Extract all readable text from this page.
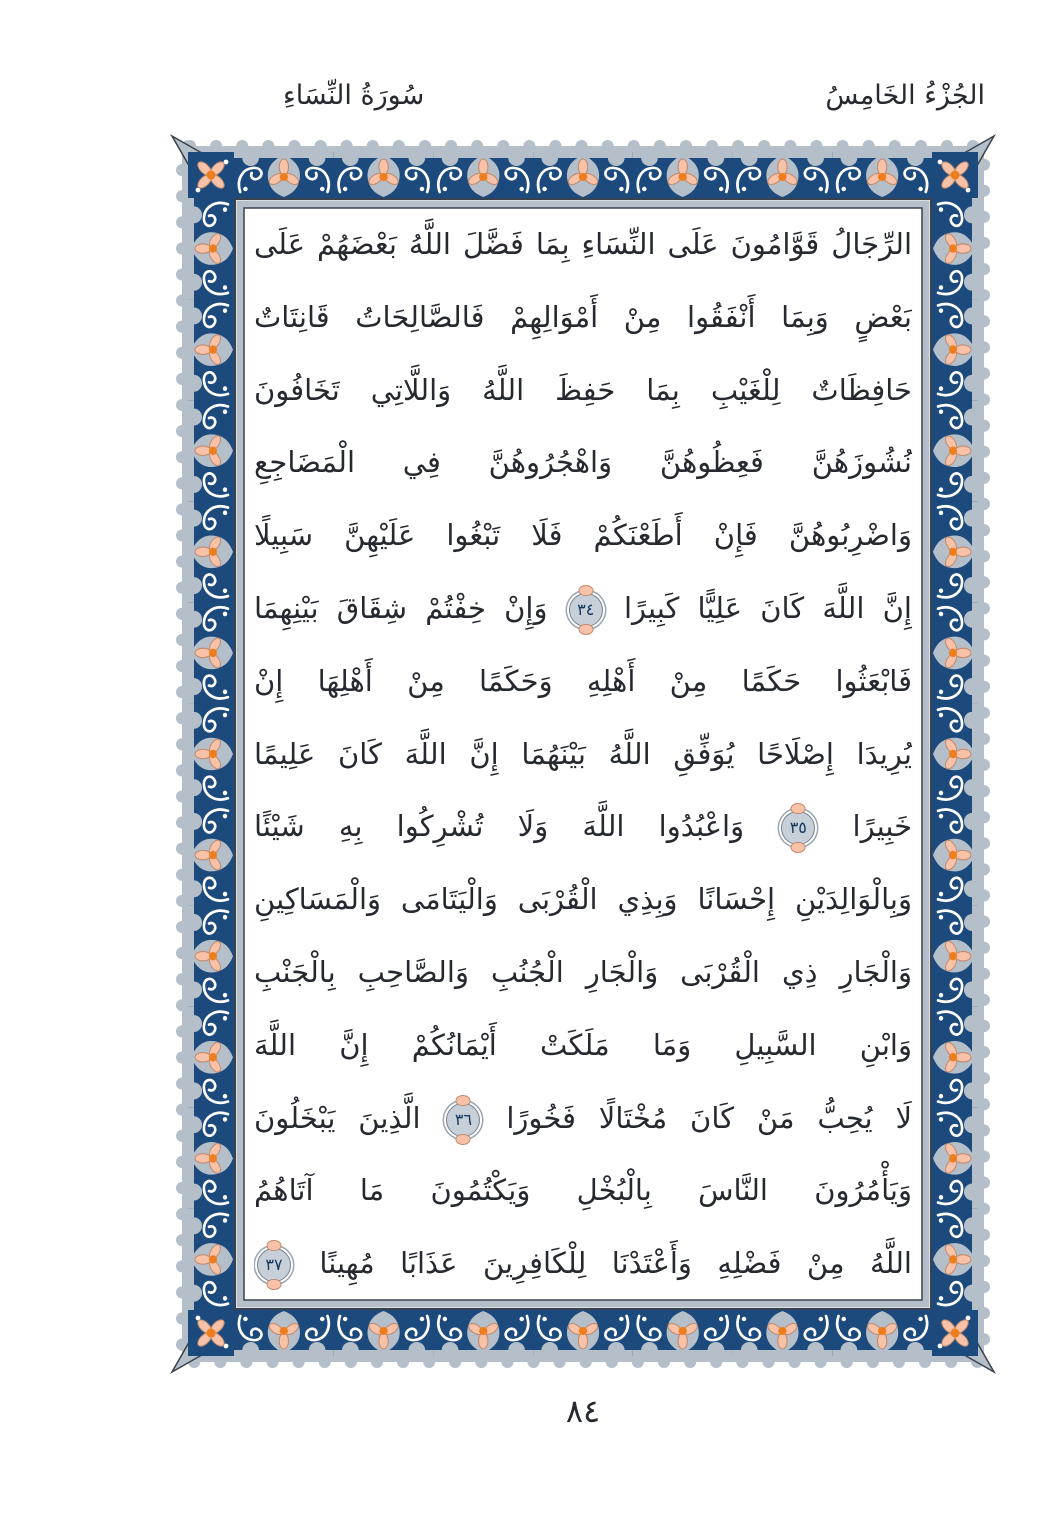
الجُزْءُ الخَامِسُ
سُورَةُ النِّسَاءِ
الرِّجَالُ قَوَّامُونَ عَلَى النِّسَاءِ بِمَا فَضَّلَ اللَّهُ بَعْضَهُمْ عَلَى
بَعْضٍ وَبِمَا أَنْفَقُوا مِنْ أَمْوَالِهِمْ فَالصَّالِحَاتُ قَانِتَاتٌ
حَافِظَاتٌ لِلْغَيْبِ بِمَا حَفِظَ اللَّهُ وَاللَّاتِي تَخَافُونَ
نُشُوزَهُنَّ فَعِظُوهُنَّ وَاهْجُرُوهُنَّ فِي الْمَضَاجِعِ
وَاضْرِبُوهُنَّ فَإِنْ أَطَعْنَكُمْ فَلَا تَبْغُوا عَلَيْهِنَّ سَبِيلًا
إِنَّ اللَّهَ كَانَ عَلِيًّا كَبِيرًا ٣٤ وَإِنْ خِفْتُمْ شِقَاقَ بَيْنِهِمَا
فَابْعَثُوا حَكَمًا مِنْ أَهْلِهِ وَحَكَمًا مِنْ أَهْلِهَا إِنْ
يُرِيدَا إِصْلَاحًا يُوَفِّقِ اللَّهُ بَيْنَهُمَا إِنَّ اللَّهَ كَانَ عَلِيمًا
خَبِيرًا ٣٥ وَاعْبُدُوا اللَّهَ وَلَا تُشْرِكُوا بِهِ شَيْئًا
وَبِالْوَالِدَيْنِ إِحْسَانًا وَبِذِي الْقُرْبَى وَالْيَتَامَى وَالْمَسَاكِينِ
وَالْجَارِ ذِي الْقُرْبَى وَالْجَارِ الْجُنُبِ وَالصَّاحِبِ بِالْجَنْبِ
وَابْنِ السَّبِيلِ وَمَا مَلَكَتْ أَيْمَانُكُمْ إِنَّ اللَّهَ
لَا يُحِبُّ مَنْ كَانَ مُخْتَالًا فَخُورًا ٣٦ الَّذِينَ يَبْخَلُونَ
وَيَأْمُرُونَ النَّاسَ بِالْبُخْلِ وَيَكْتُمُونَ مَا آتَاهُمُ
اللَّهُ مِنْ فَضْلِهِ وَأَعْتَدْنَا لِلْكَافِرِينَ عَذَابًا مُهِينًا ٣٧
٨٤
